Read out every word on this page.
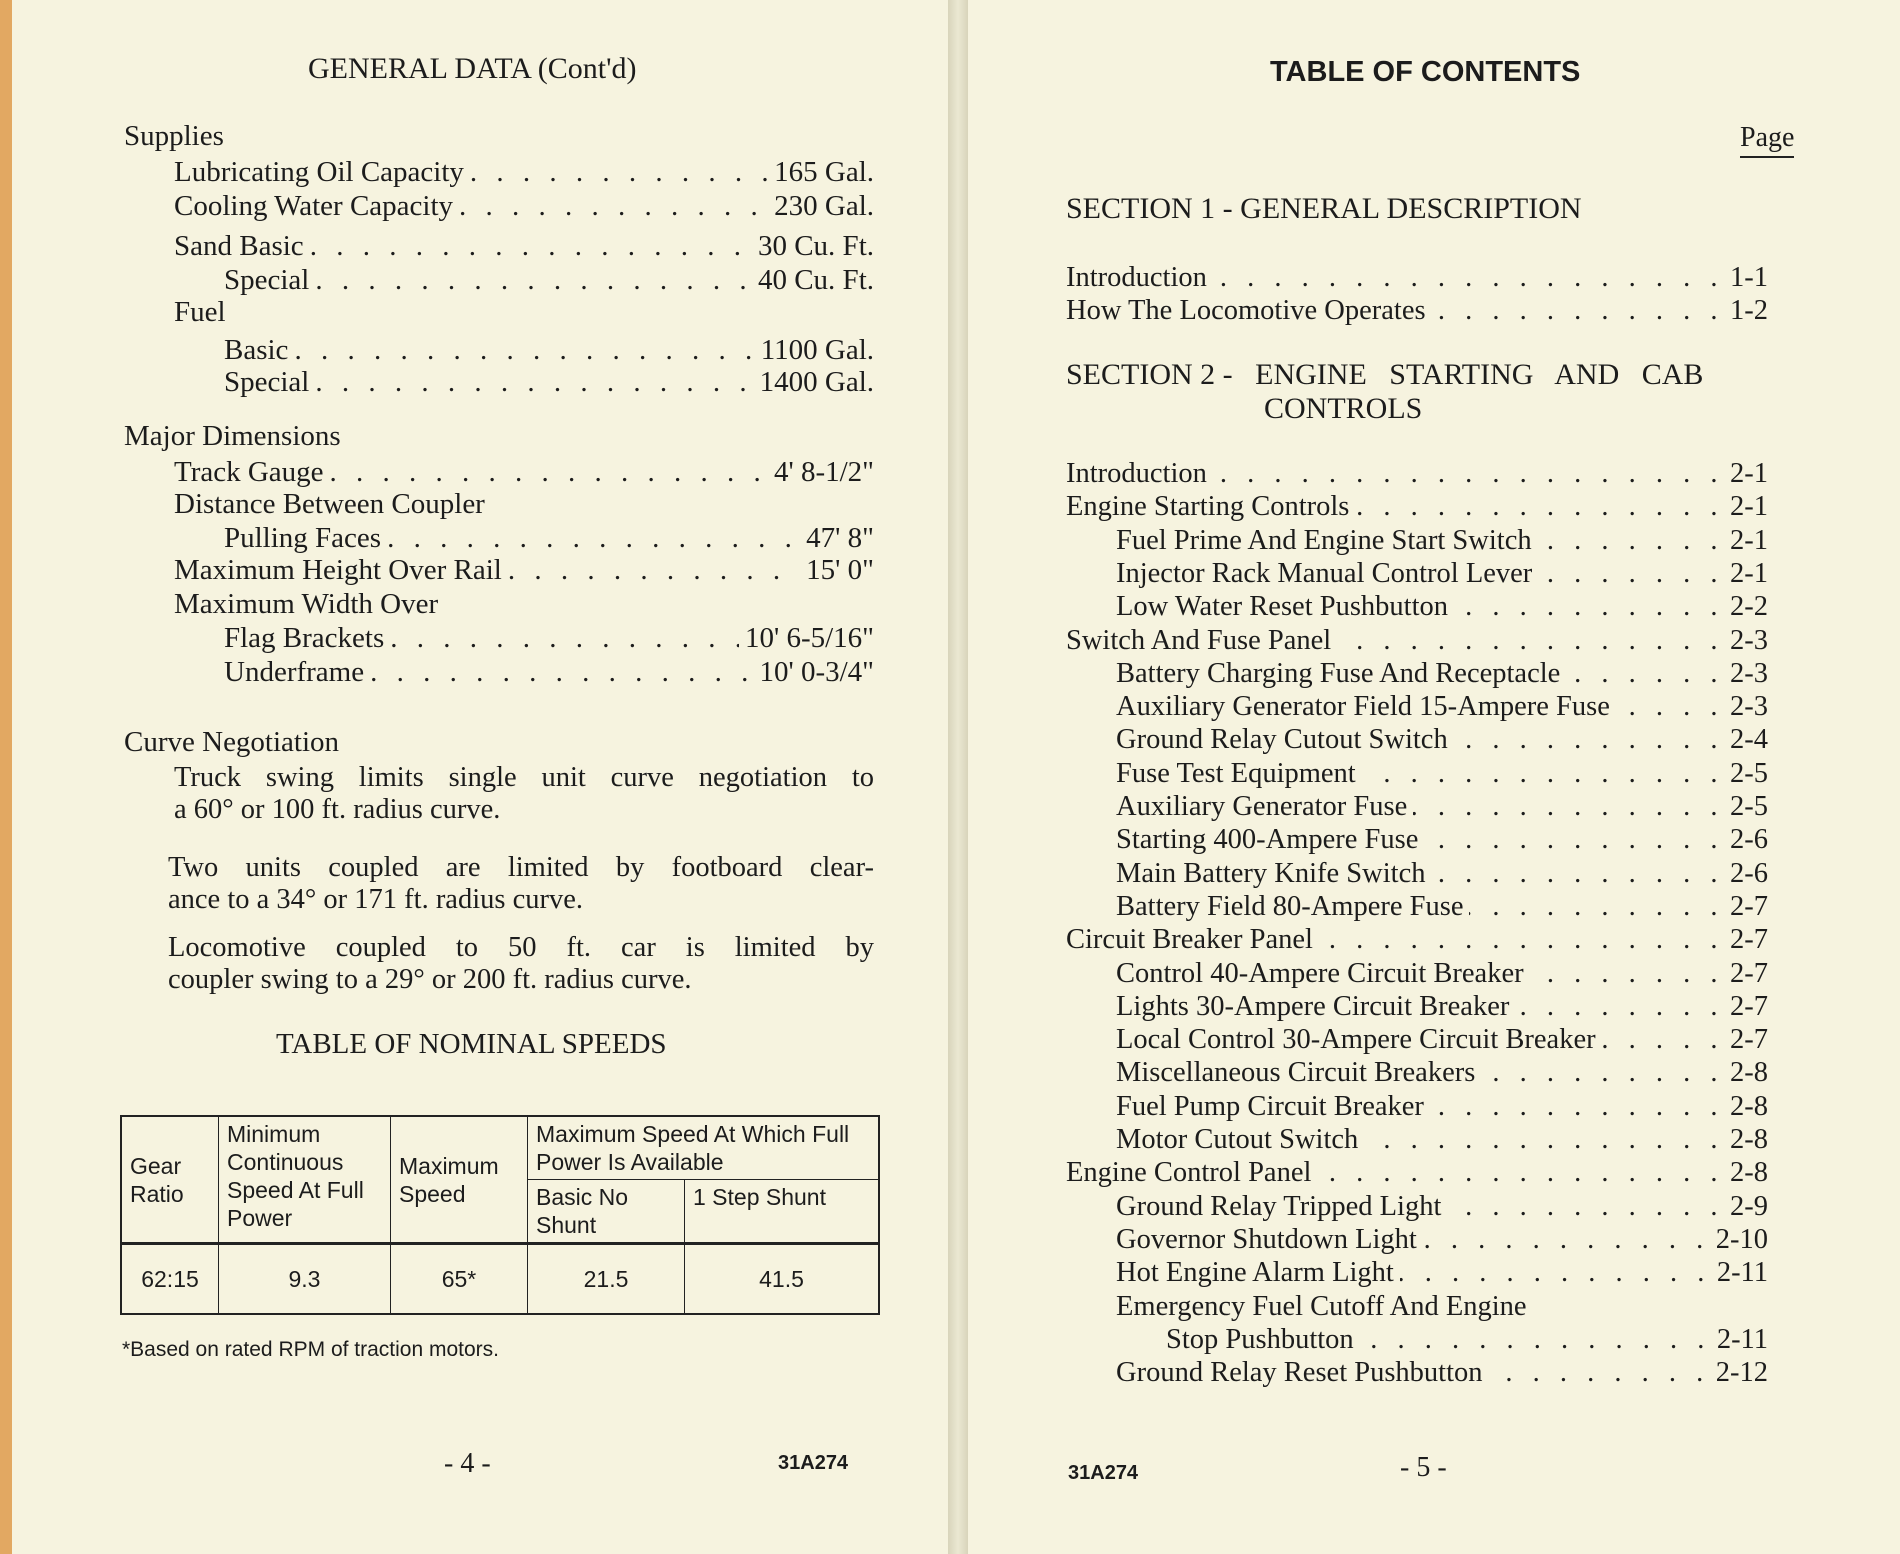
GENERAL DATA (Cont'd)
Supplies
Lubricating Oil Capacity . . .	165 Gal.
Cooling Water Capacity . . .	230 Gal.
Sand Basic . . .	30 Cu. Ft.
Special . . .	40 Cu. Ft.
Fuel
Basic . . .	1100 Gal.
Special . . .	1400 Gal.
Major Dimensions
Track Gauge . . .	4' 8-1/2"
Distance Between Coupler
Pulling Faces . . .	47' 8"
Maximum Height Over Rail . . .	15' 0"
Maximum Width Over
Flag Brackets . . .	10' 6-5/16"
Underframe . . .	10' 0-3/4"
Curve Negotiation
Truck swing limits single unit curve negotiation to
a 60° or 100 ft. radius curve.
Two units coupled are limited by footboard clear-
ance to a 34° or 171 ft. radius curve.
Locomotive coupled to 50 ft. car is limited by
coupler swing to a 29° or 200 ft. radius curve.
TABLE OF NOMINAL SPEEDS
Gear Ratio	Minimum Continuous Speed At Full Power	Maximum Speed	Maximum Speed At Which Full Power Is Available	
			Basic No Shunt	1 Step Shunt
62:15	9.3	65*	21.5	41.5
*Based on rated RPM of traction motors.
- 4 -	31A274
TABLE OF CONTENTS
Page
SECTION 1 - GENERAL DESCRIPTION
Introduction . . .	1-1
How The Locomotive Operates . . .	1-2
SECTION 2 -   ENGINE   STARTING   AND   CAB
CONTROLS
Introduction . . .	2-1
Engine Starting Controls . . .	2-1
Fuel Prime And Engine Start Switch . . .	2-1
Injector Rack Manual Control Lever . . .	2-1
Low Water Reset Pushbutton . . .	2-2
Switch And Fuse Panel . . .	2-3
Battery Charging Fuse And Receptacle . . .	2-3
Auxiliary Generator Field 15-Ampere Fuse . . .	2-3
Ground Relay Cutout Switch . . .	2-4
Fuse Test Equipment . . .	2-5
Auxiliary Generator Fuse . . .	2-5
Starting 400-Ampere Fuse . . .	2-6
Main Battery Knife Switch . . .	2-6
Battery Field 80-Ampere Fuse . . .	2-7
Circuit Breaker Panel . . .	2-7
Control 40-Ampere Circuit Breaker . . .	2-7
Lights 30-Ampere Circuit Breaker . . .	2-7
Local Control 30-Ampere Circuit Breaker . . .	2-7
Miscellaneous Circuit Breakers . . .	2-8
Fuel Pump Circuit Breaker . . .	2-8
Motor Cutout Switch . . .	2-8
Engine Control Panel . . .	2-8
Ground Relay Tripped Light . . .	2-9
Governor Shutdown Light . . .	2-10
Hot Engine Alarm Light . . .	2-11
Emergency Fuel Cutoff And Engine
Stop Pushbutton . . .	2-11
Ground Relay Reset Pushbutton . . .	2-12
31A274	- 5 -
